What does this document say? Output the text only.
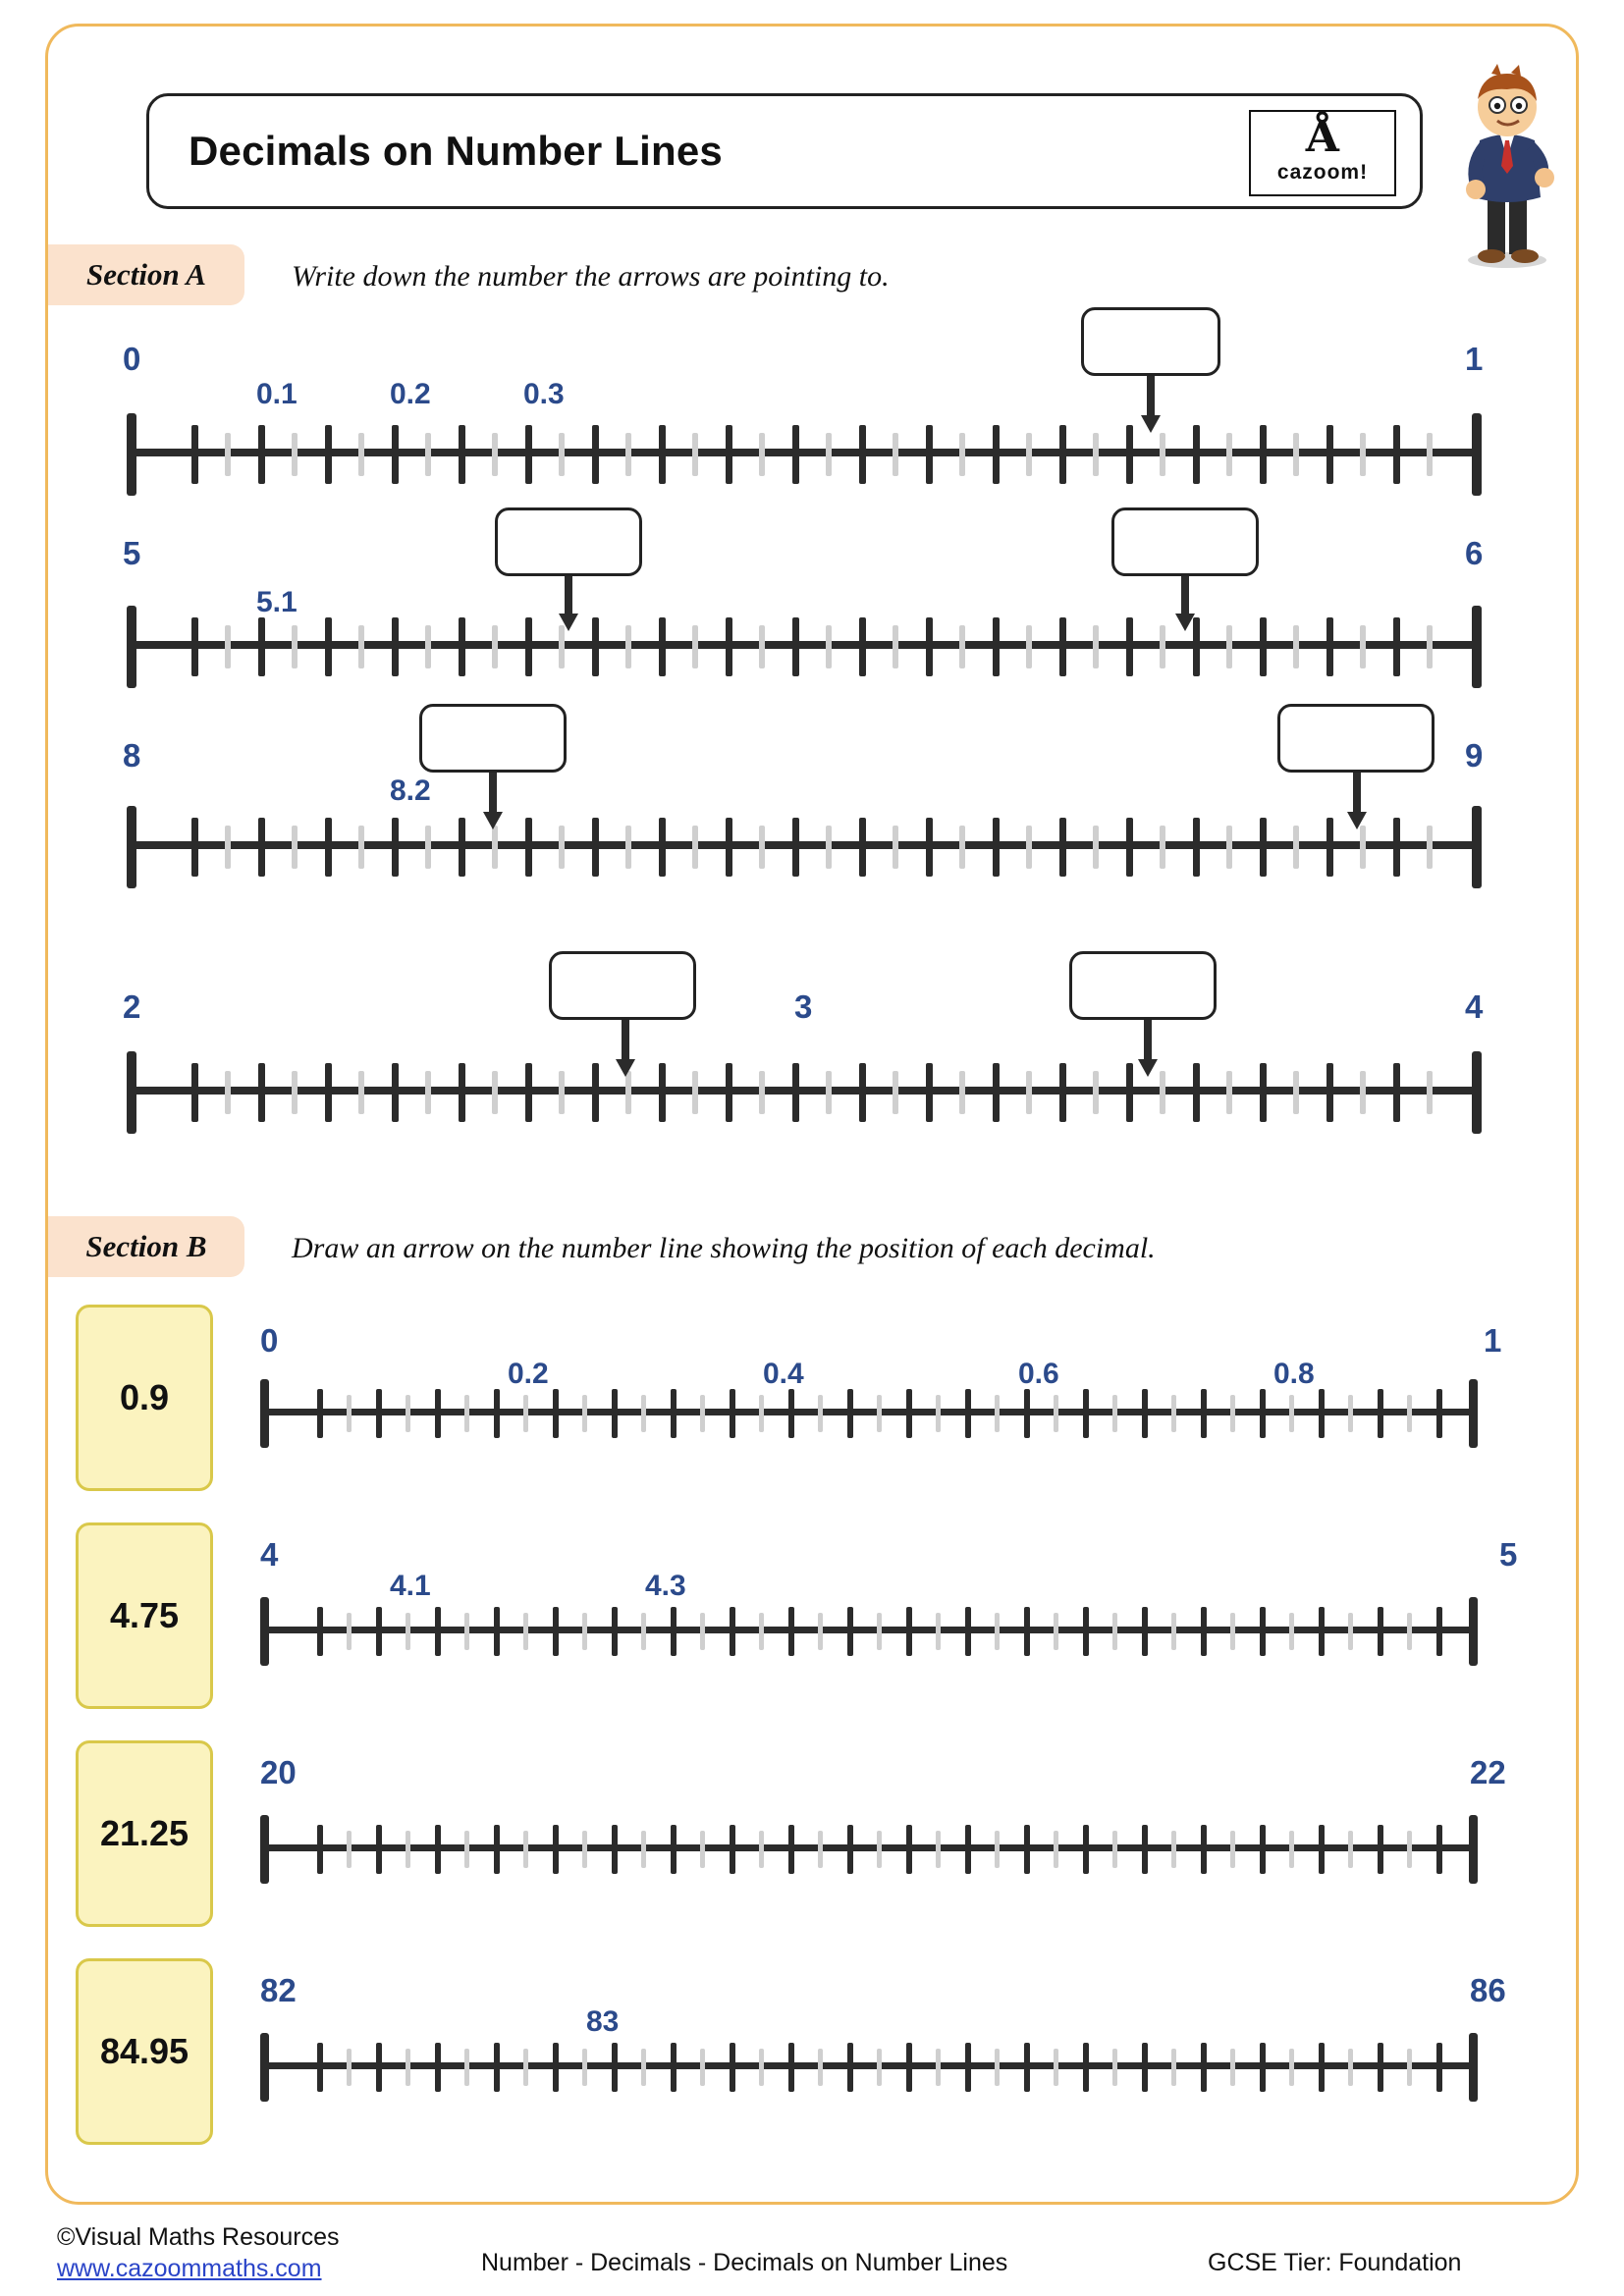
Decimals on Number Lines	Å
cazoom!
Section A	Write down the number the arrows are pointing to.
0	1
0.1	0.2	0.3
5	6
5.1
8	9
8.2
2	4
3
Section B	Draw an arrow on the number line showing the position of each decimal.
0.9
0	1
0.2	0.4	0.6	0.8
4.75
4	5
4.1	4.3
21.25
20	22
84.95
82	86
83
©Visual Maths Resources
www.cazoommaths.com	Number - Decimals - Decimals on Number Lines	GCSE Tier: Foundation
